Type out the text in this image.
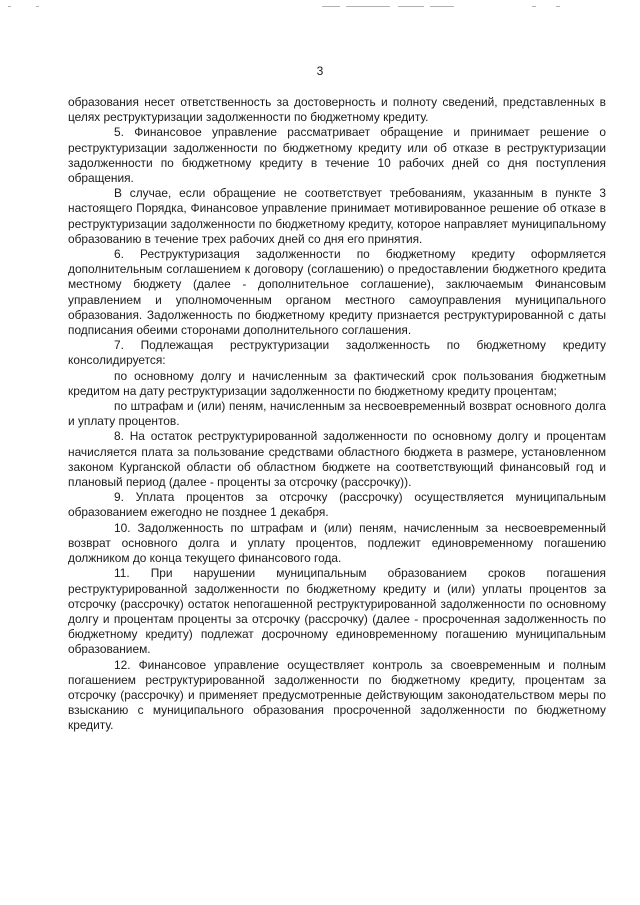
3

образования несет ответственность за достоверность и полноту сведений, представленных в целях реструктуризации задолженности по бюджетному кредиту.

5. Финансовое управление рассматривает обращение и принимает решение о реструктуризации задолженности по бюджетному кредиту или об отказе в реструктуризации задолженности по бюджетному кредиту в течение 10 рабочих дней со дня поступления обращения.

В случае, если обращение не соответствует требованиям, указанным в пункте 3 настоящего Порядка, Финансовое управление принимает мотивированное решение об отказе в реструктуризации задолженности по бюджетному кредиту, которое направляет муниципальному образованию в течение трех рабочих дней со дня его принятия.

6. Реструктуризация задолженности по бюджетному кредиту оформляется дополнительным соглашением к договору (соглашению) о предоставлении бюджетного кредита местному бюджету (далее - дополнительное соглашение), заключаемым Финансовым управлением и уполномоченным органом местного самоуправления муниципального образования. Задолженность по бюджетному кредиту признается реструктурированной с даты подписания обеими сторонами дополнительного соглашения.

7. Подлежащая реструктуризации задолженность по бюджетному кредиту консолидируется:

по основному долгу и начисленным за фактический срок пользования бюджетным кредитом на дату реструктуризации задолженности по бюджетному кредиту процентам;

по штрафам и (или) пеням, начисленным за несвоевременный возврат основного долга и уплату процентов.

8. На остаток реструктурированной задолженности по основному долгу и процентам начисляется плата за пользование средствами областного бюджета в размере, установленном законом Курганской области об областном бюджете на соответствующий финансовый год и плановый период (далее - проценты за отсрочку (рассрочку)).

9. Уплата процентов за отсрочку (рассрочку) осуществляется муниципальным образованием ежегодно не позднее 1 декабря.

10. Задолженность по штрафам и (или) пеням, начисленным за несвоевременный возврат основного долга и уплату процентов, подлежит единовременному погашению должником до конца текущего финансового года.

11. При нарушении муниципальным образованием сроков погашения реструктурированной задолженности по бюджетному кредиту и (или) уплаты процентов за отсрочку (рассрочку) остаток непогашенной реструктурированной задолженности по основному долгу и процентам проценты за отсрочку (рассрочку) (далее - просроченная задолженность по бюджетному кредиту) подлежат досрочному единовременному погашению муниципальным образованием.

12. Финансовое управление осуществляет контроль за своевременным и полным погашением реструктурированной задолженности по бюджетному кредиту, процентам за отсрочку (рассрочку) и применяет предусмотренные действующим законодательством меры по взысканию с муниципального образования просроченной задолженности по бюджетному кредиту.
